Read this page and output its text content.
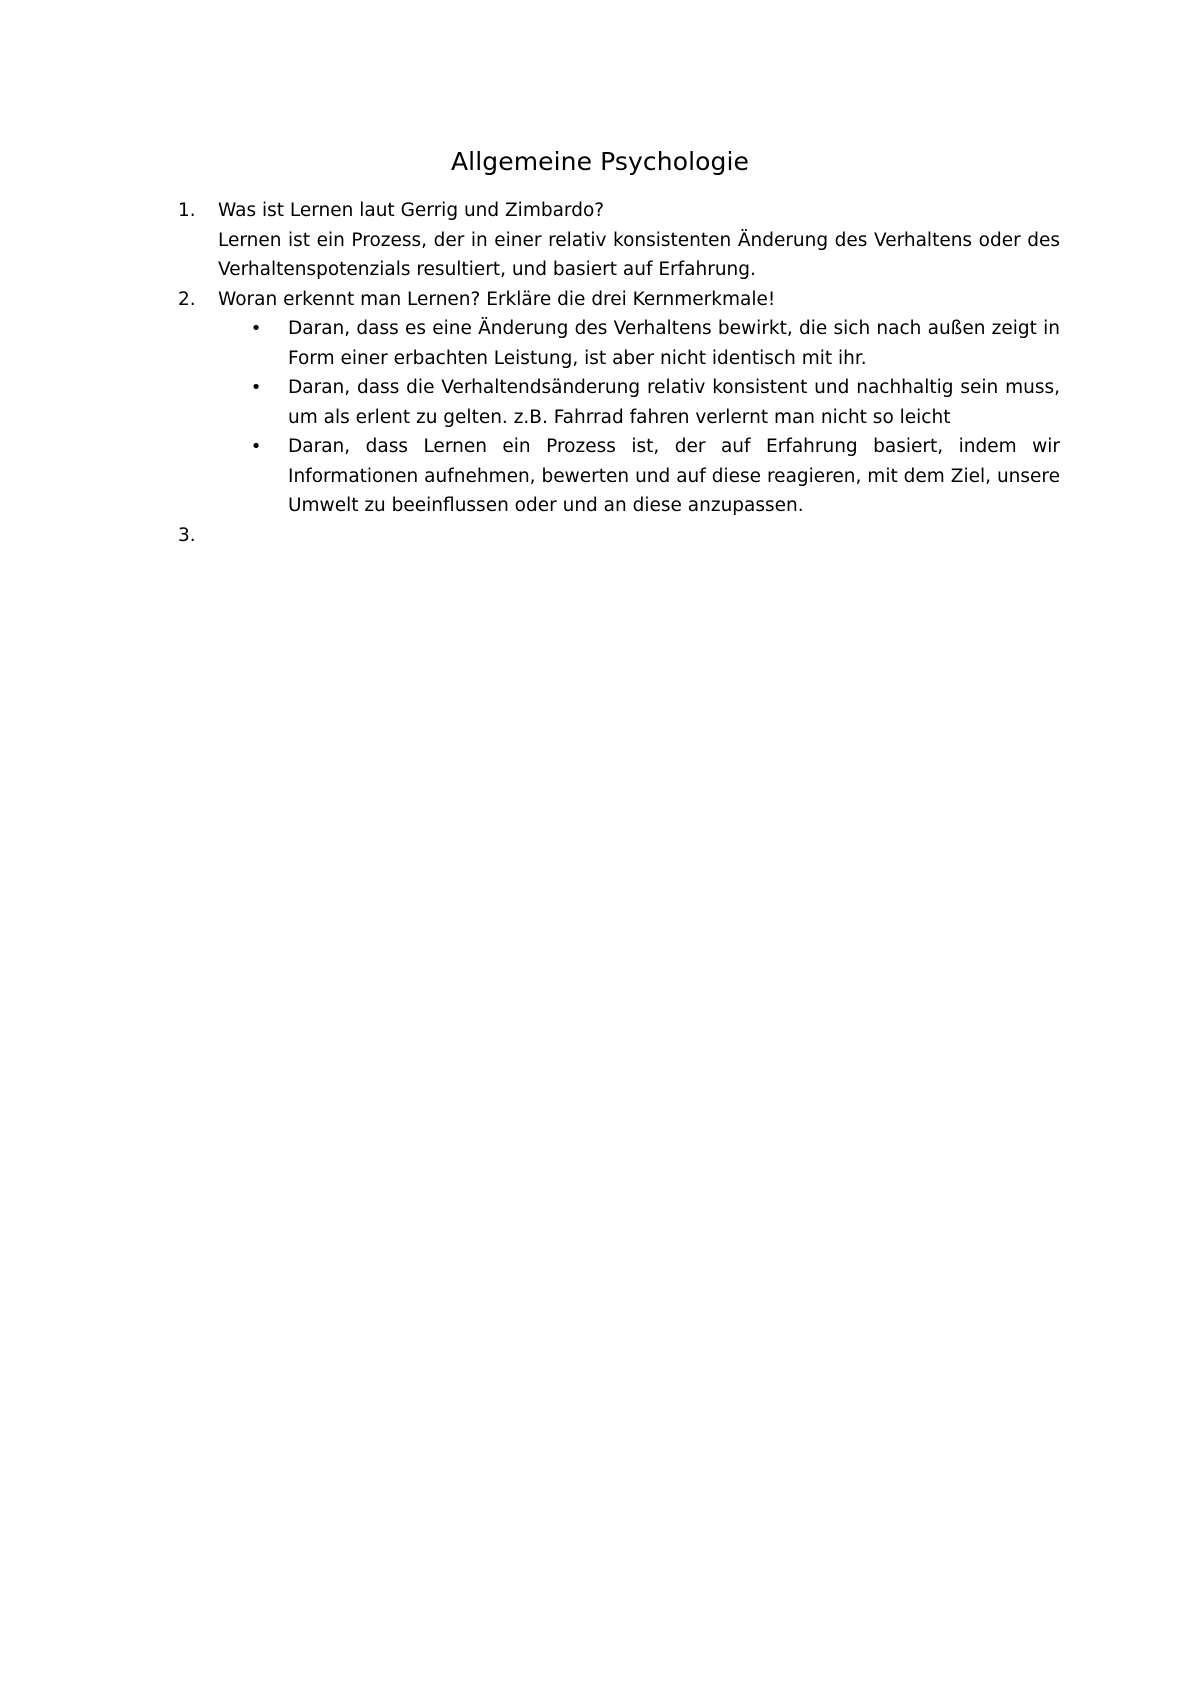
Allgemeine Psychologie
1.	Was ist Lernen laut Gerrig und Zimbardo?
Lernen ist ein Prozess, der in einer relativ konsistenten Änderung des Verhaltens oder des Verhaltenspotenzials resultiert, und basiert auf Erfahrung.
2.	Woran erkennt man Lernen? Erkläre die drei Kernmerkmale!
• Daran, dass es eine Änderung des Verhaltens bewirkt, die sich nach außen zeigt in Form einer erbachten Leistung, ist aber nicht identisch mit ihr.
• Daran, dass die Verhaltendsänderung relativ konsistent und nachhaltig sein muss, um als erlent zu gelten. z.B. Fahrrad fahren verlernt man nicht so leicht
• Daran, dass Lernen ein Prozess ist, der auf Erfahrung basiert, indem wir Informationen aufnehmen, bewerten und auf diese reagieren, mit dem Ziel, unsere Umwelt zu beeinflussen oder und an diese anzupassen.
3.
